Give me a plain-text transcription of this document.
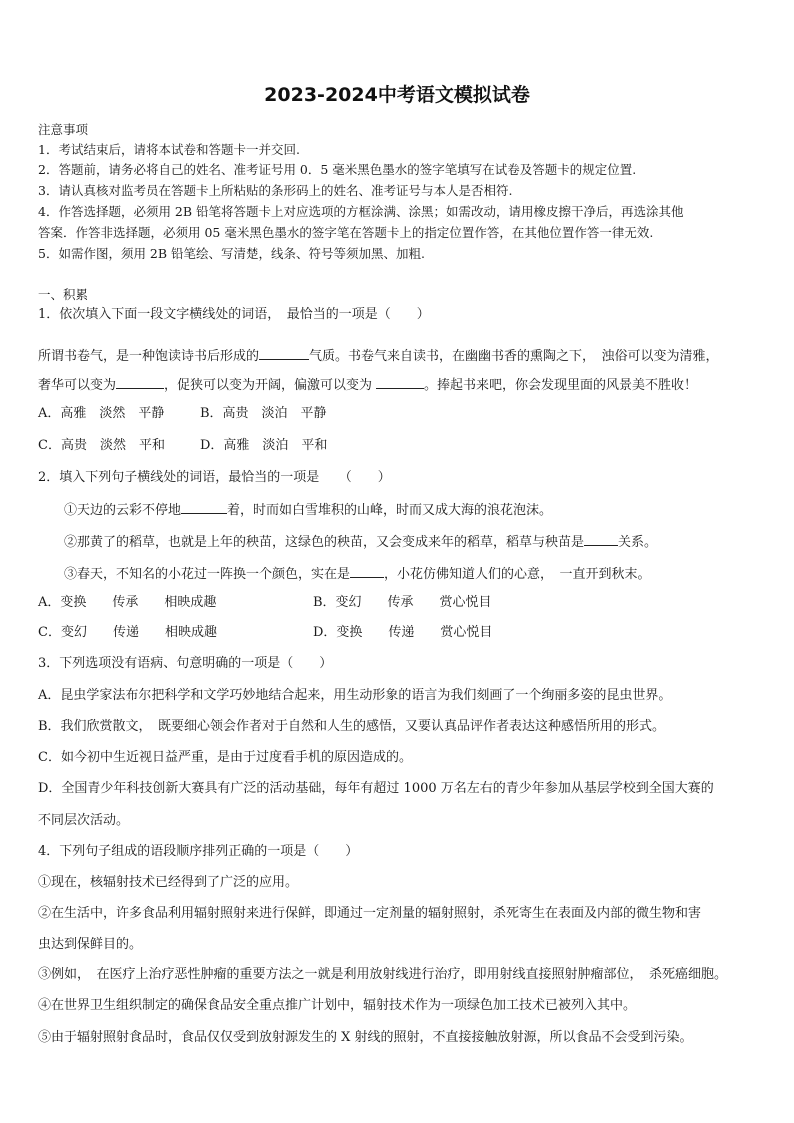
2023-2024中考语文模拟试卷
注意事项
1．考试结束后，请将本试卷和答题卡一并交回.
2．答题前，请务必将自己的姓名、准考证号用 0．5 毫米黑色墨水的签字笔填写在试卷及答题卡的规定位置.
3．请认真核对监考员在答题卡上所粘贴的条形码上的姓名、准考证号与本人是否相符.
4．作答选择题，必须用 2B 铅笔将答题卡上对应选项的方框涂满、涂黑；如需改动，请用橡皮擦干净后，再选涂其他
答案．作答非选择题，必须用 05 毫米黑色墨水的签字笔在答题卡上的指定位置作答，在其他位置作答一律无效.
5．如需作图，须用 2B 铅笔绘、写清楚，线条、符号等须加黑、加粗.
一、积累
1．依次填入下面一段文字横线处的词语，　最恰当的一项是（　　）
所谓书卷气，是一种饱读诗书后形成的	气质。书卷气来自读书，在幽幽书香的熏陶之下，　浊俗可以变为清雅，
奢华可以变为	，促狭可以变为开阔，偏激可以变为	。捧起书来吧，你会发现里面的风景美不胜收！
A．高雅　淡然　平静	B．高贵　淡泊　平静
C．高贵　淡然　平和	D．高雅　淡泊　平和
2．填入下列句子横线处的词语，最恰当的一项是　　（　　）
①天边的云彩不停地	着，时而如白雪堆积的山峰，时而又成大海的浪花泡沫。
②那黄了的稻草，也就是上年的秧苗，这绿色的秧苗，又会变成来年的稻草，稻草与秧苗是	关系。
③春天，不知名的小花过一阵换一个颜色，实在是	，小花仿佛知道人们的心意，　一直开到秋末。
A．变换　　传承　　相映成趣	B．变幻　　传承　　赏心悦目
C．变幻　　传递　　相映成趣	D．变换　　传递　　赏心悦目
3．下列选项没有语病、句意明确的一项是（　　）
A．昆虫学家法布尔把科学和文学巧妙地结合起来，用生动形象的语言为我们刻画了一个绚丽多姿的昆虫世界。
B．我们欣赏散文，　既要细心领会作者对于自然和人生的感悟，又要认真品评作者表达这种感悟所用的形式。
C．如今初中生近视日益严重，是由于过度看手机的原因造成的。
D．全国青少年科技创新大赛具有广泛的活动基础，每年有超过 1000 万名左右的青少年参加从基层学校到全国大赛的
不同层次活动。
4．下列句子组成的语段顺序排列正确的一项是（　　）
①现在，核辐射技术已经得到了广泛的应用。
②在生活中，许多食品利用辐射照射来进行保鲜，即通过一定剂量的辐射照射，杀死寄生在表面及内部的微生物和害
虫达到保鲜目的。
③例如，　在医疗上治疗恶性肿瘤的重要方法之一就是利用放射线进行治疗，即用射线直接照射肿瘤部位，　杀死癌细胞。
④在世界卫生组织制定的确保食品安全重点推广计划中，辐射技术作为一项绿色加工技术已被列入其中。
⑤由于辐射照射食品时，食品仅仅受到放射源发生的 X 射线的照射，不直接接触放射源，所以食品不会受到污染。
